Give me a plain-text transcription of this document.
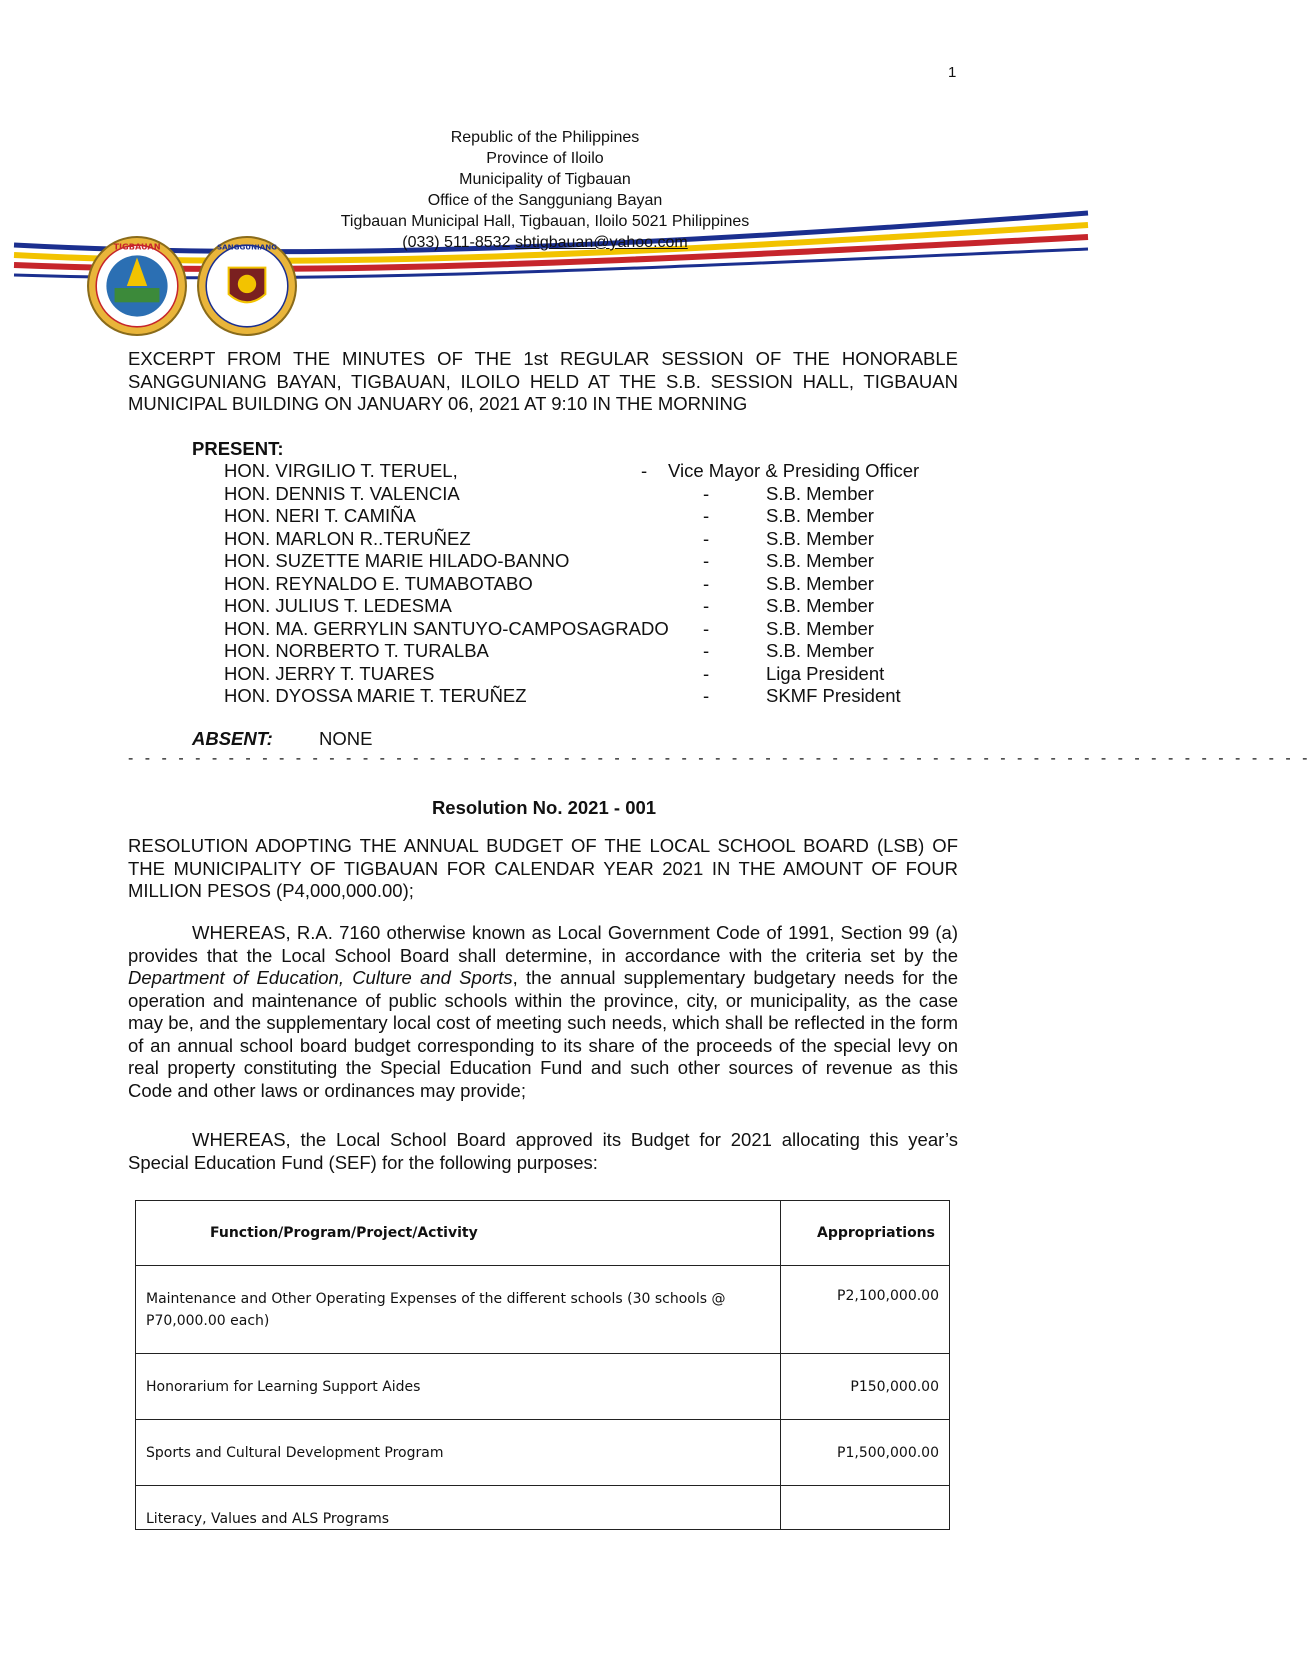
1
TIGBAUAN	SANGGUNIANG
Republic of the Philippines
Province of Iloilo
Municipality of Tigbauan
Office of the Sangguniang Bayan
Tigbauan Municipal Hall, Tigbauan, Iloilo 5021 Philippines
(033) 511-8532 sbtigbauan@yahoo.com
EXCERPT FROM THE MINUTES OF THE 1st REGULAR SESSION OF THE HONORABLE SANGGUNIANG BAYAN, TIGBAUAN, ILOILO HELD AT THE S.B. SESSION HALL, TIGBAUAN MUNICIPAL BUILDING ON JANUARY 06, 2021 AT 9:10 IN THE MORNING
PRESENT:
HON. VIRGILIO T. TERUEL,	- Vice Mayor & Presiding Officer
HON. DENNIS T. VALENCIA	-	S.B. Member
HON. NERI T. CAMIÑA	-	S.B. Member
HON. MARLON R..TERUÑEZ	-	S.B. Member
HON. SUZETTE MARIE HILADO-BANNO	-	S.B. Member
HON. REYNALDO E. TUMABOTABO	-	S.B. Member
HON. JULIUS T. LEDESMA	-	S.B. Member
HON. MA. GERRYLIN SANTUYO-CAMPOSAGRADO -	S.B. Member
HON. NORBERTO T. TURALBA	-	S.B. Member
HON. JERRY T. TUARES	-	Liga President
HON. DYOSSA MARIE T. TERUÑEZ	-	SKMF President
ABSENT: NONE
- - - - - - - - - - - - - - - - - - - - - - - - - - - - - - - - - - - - - - - - - - - - - - - - - - - - - - - - - - - - - - - - - - - - - - -
Resolution No. 2021 - 001
RESOLUTION ADOPTING THE ANNUAL BUDGET OF THE LOCAL SCHOOL BOARD (LSB) OF THE MUNICIPALITY OF TIGBAUAN FOR CALENDAR YEAR 2021 IN THE AMOUNT OF FOUR MILLION PESOS (P4,000,000.00);
WHEREAS, R.A. 7160 otherwise known as Local Government Code of 1991, Section 99 (a) provides that the Local School Board shall determine, in accordance with the criteria set by the Department of Education, Culture and Sports, the annual supplementary budgetary needs for the operation and maintenance of public schools within the province, city, or municipality, as the case may be, and the supplementary local cost of meeting such needs, which shall be reflected in the form of an annual school board budget corresponding to its share of the proceeds of the special levy on real property constituting the Special Education Fund and such other sources of revenue as this Code and other laws or ordinances may provide;
WHEREAS, the Local School Board approved its Budget for 2021 allocating this year’s Special Education Fund (SEF) for the following purposes:
Function/Program/Project/Activity	Appropriations
Maintenance and Other Operating Expenses of the different schools (30 schools @ P70,000.00 each)	P2,100,000.00
Honorarium for Learning Support Aides	P150,000.00
Sports and Cultural Development Program	P1,500,000.00
Literacy, Values and ALS Programs	
